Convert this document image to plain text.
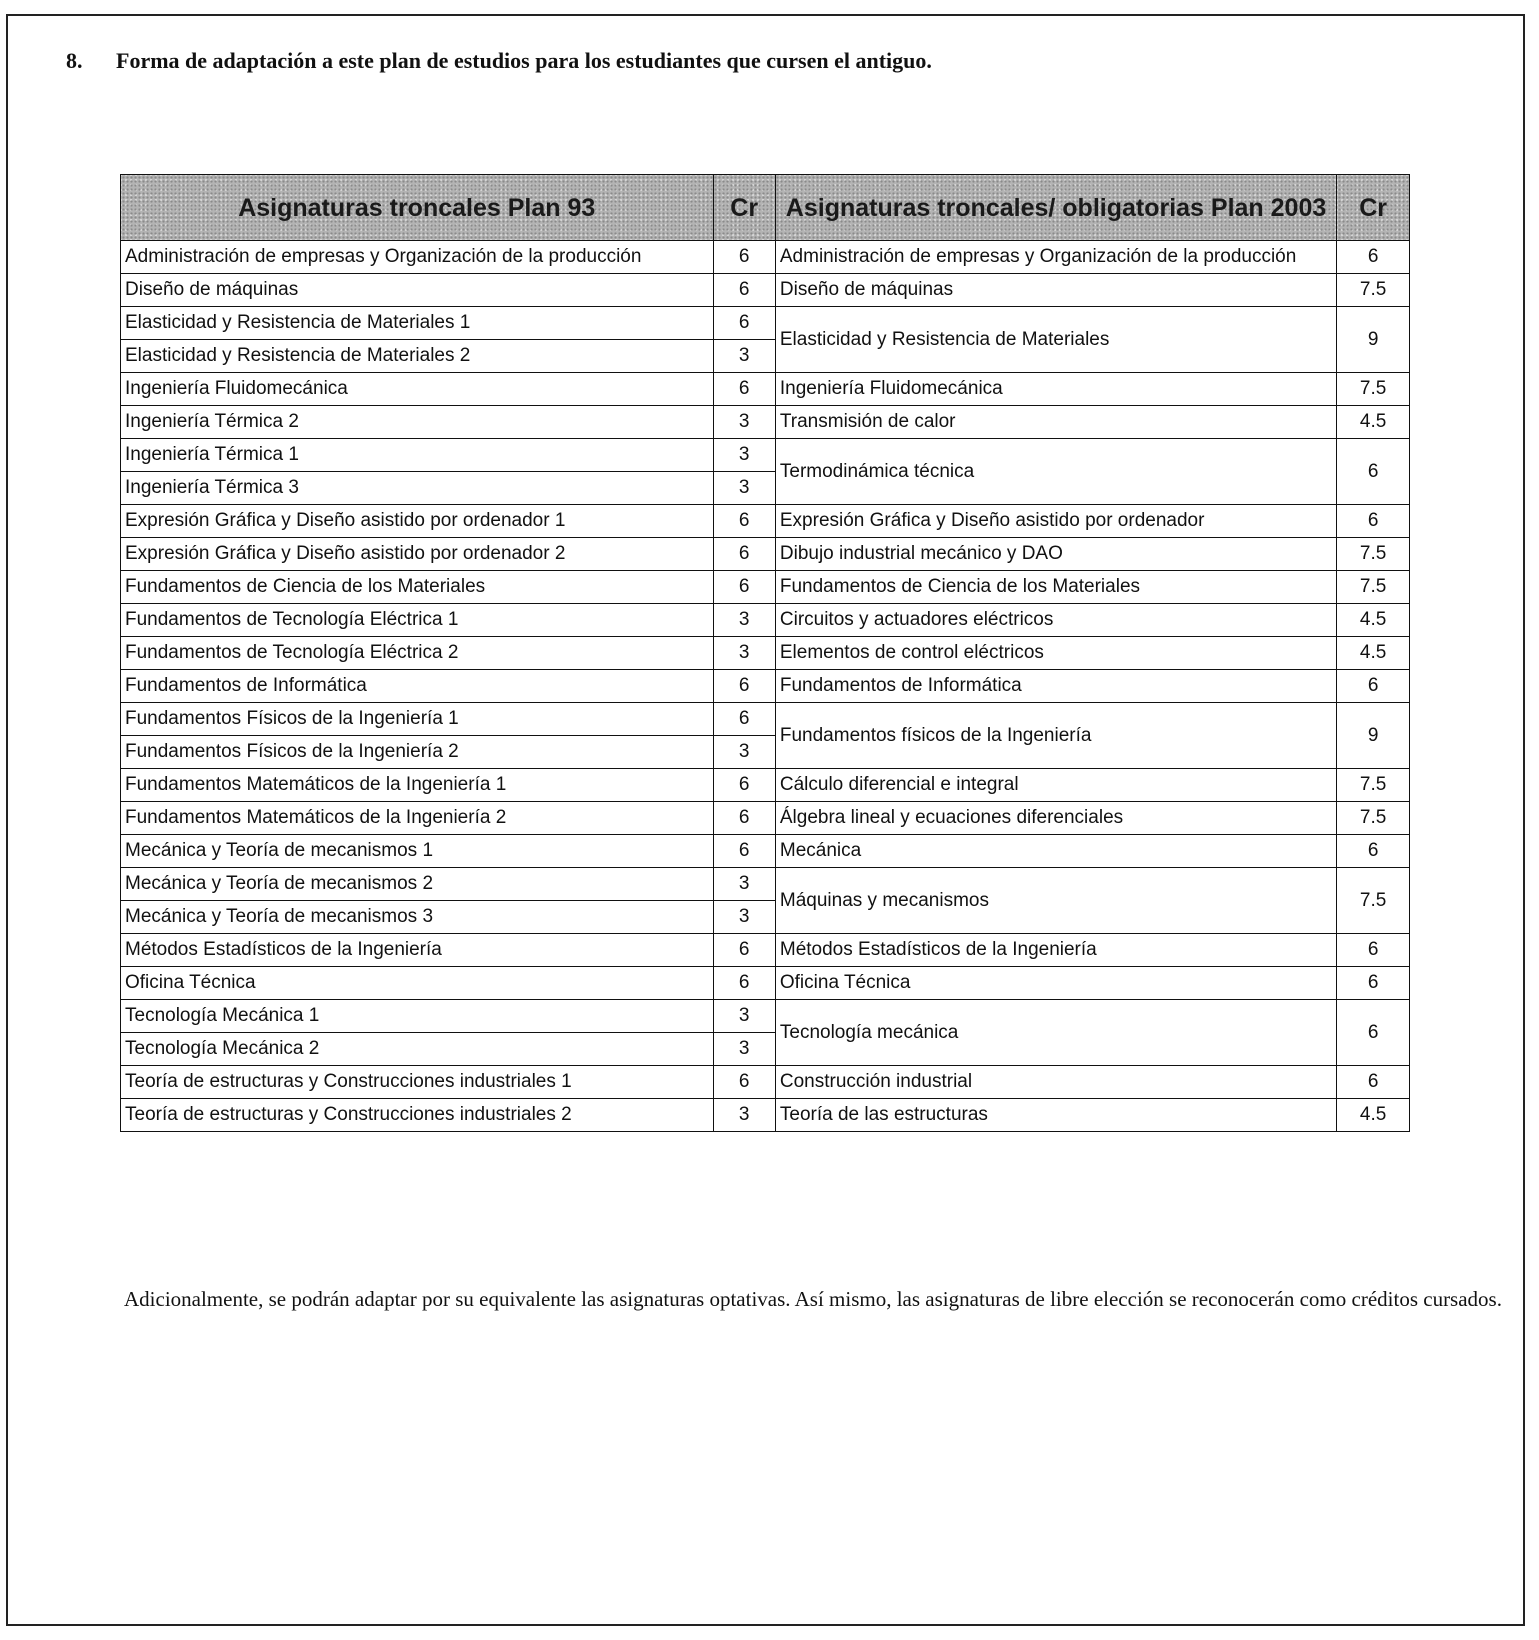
8. Forma de adaptación a este plan de estudios para los estudiantes que cursen el antiguo.
Asignaturas troncales Plan 93	Cr	Asignaturas troncales/ obligatorias Plan 2003	Cr
Administración de empresas y Organización de la producción	6	Administración de empresas y Organización de la producción	6
Diseño de máquinas	6	Diseño de máquinas	7.5
Elasticidad y Resistencia de Materiales 1	6	Elasticidad y Resistencia de Materiales	9
Elasticidad y Resistencia de Materiales 2	3		
Ingeniería Fluidomecánica	6	Ingeniería Fluidomecánica	7.5
Ingeniería Térmica 2	3	Transmisión de calor	4.5
Ingeniería Térmica 1	3	Termodinámica técnica	6
Ingeniería Térmica 3	3		
Expresión Gráfica y Diseño asistido por ordenador 1	6	Expresión Gráfica y Diseño asistido por ordenador	6
Expresión Gráfica y Diseño asistido por ordenador 2	6	Dibujo industrial mecánico y DAO	7.5
Fundamentos de Ciencia de los Materiales	6	Fundamentos de Ciencia de los Materiales	7.5
Fundamentos de Tecnología Eléctrica 1	3	Circuitos y actuadores eléctricos	4.5
Fundamentos de Tecnología Eléctrica 2	3	Elementos de control eléctricos	4.5
Fundamentos de Informática	6	Fundamentos de Informática	6
Fundamentos Físicos de la Ingeniería 1	6	Fundamentos físicos de la Ingeniería	9
Fundamentos Físicos de la Ingeniería 2	3		
Fundamentos Matemáticos de la Ingeniería 1	6	Cálculo diferencial e integral	7.5
Fundamentos Matemáticos de la Ingeniería 2	6	Álgebra lineal y ecuaciones diferenciales	7.5
Mecánica y Teoría de mecanismos 1	6	Mecánica	6
Mecánica y Teoría de mecanismos 2	3	Máquinas y mecanismos	7.5
Mecánica y Teoría de mecanismos 3	3		
Métodos Estadísticos de la Ingeniería	6	Métodos Estadísticos de la Ingeniería	6
Oficina Técnica	6	Oficina Técnica	6
Tecnología Mecánica 1	3	Tecnología mecánica	6
Tecnología Mecánica 2	3		
Teoría de estructuras y Construcciones industriales 1	6	Construcción industrial	6
Teoría de estructuras y Construcciones industriales 2	3	Teoría de las estructuras	4.5
Adicionalmente, se podrán adaptar por su equivalente las asignaturas optativas. Así mismo, las asignaturas de libre elección se reconocerán como créditos cursados.
